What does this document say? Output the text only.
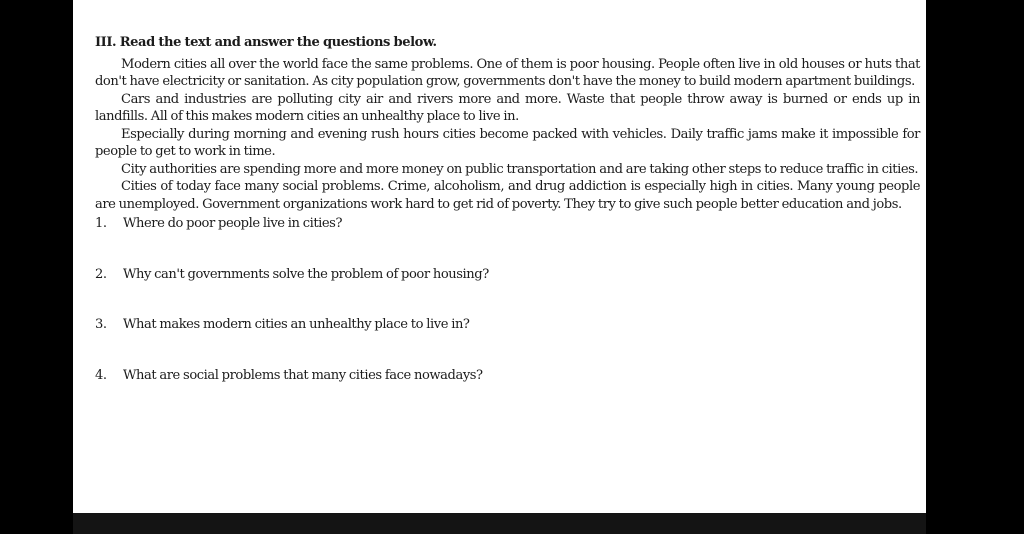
III. Read the text and answer the questions below.

Modern cities all over the world face the same problems. One of them is poor housing. People often live in old houses or huts that don't have electricity or sanitation. As city population grow, governments don't have the money to build modern apartment buildings.

Cars and industries are polluting city air and rivers more and more. Waste that people throw away is burned or ends up in landfills. All of this makes modern cities an unhealthy place to live in.

Especially during morning and evening rush hours cities become packed with vehicles. Daily traffic jams make it impossible for people to get to work in time.

City authorities are spending more and more money on public transportation and are taking other steps to reduce traffic in cities.

Cities of today face many social problems. Crime, alcoholism, and drug addiction is especially high in cities. Many young people are unemployed. Government organizations work hard to get rid of poverty. They try to give such people better education and jobs.

1.	Where do poor people live in cities?
2.	Why can't governments solve the problem of poor housing?
3.	What makes modern cities an unhealthy place to live in?
4.	What are social problems that many cities face nowadays?
